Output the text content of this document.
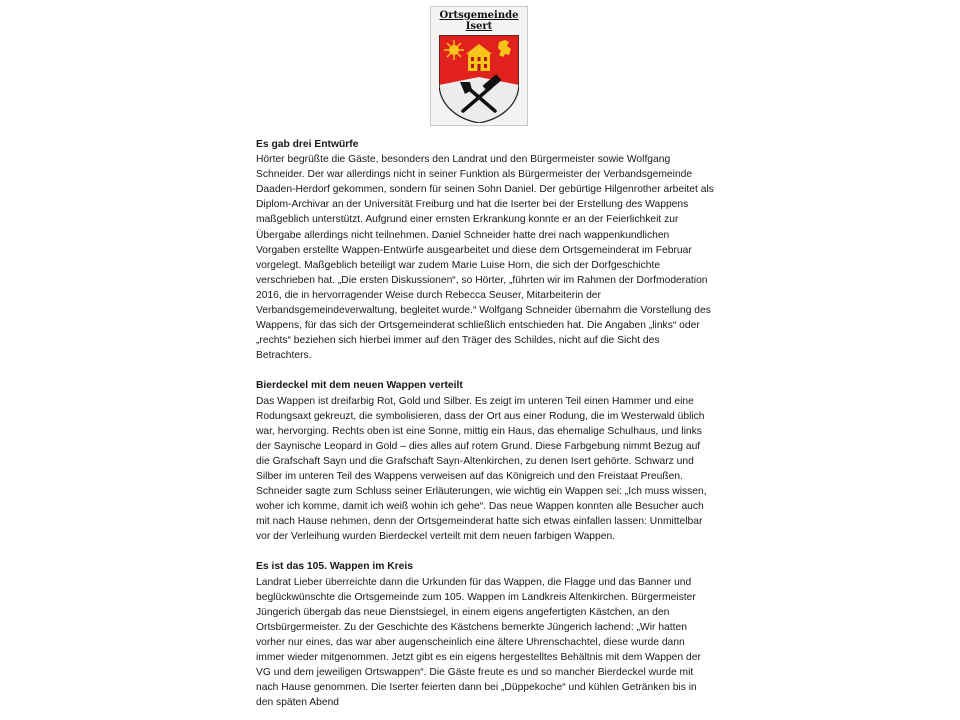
Ortsgemeinde
Isert
Es gab drei Entwürfe
Hörter begrüßte die Gäste, besonders den Landrat und den Bürgermeister sowie Wolfgang Schneider. Der war allerdings nicht in seiner Funktion als Bürgermeister der Verbandsgemeinde Daaden-Herdorf gekommen, sondern für seinen Sohn Daniel. Der gebürtige Hilgenrother arbeitet als Diplom-Archivar an der Universität Freiburg und hat die Iserter bei der Erstellung des Wappens maßgeblich unterstützt. Aufgrund einer ernsten Erkrankung konnte er an der Feierlichkeit zur Übergabe allerdings nicht teilnehmen. Daniel Schneider hatte drei nach wappenkundlichen Vorgaben erstellte Wappen-Entwürfe ausgearbeitet und diese dem Ortsgemeinderat im Februar vorgelegt. Maßgeblich beteiligt war zudem Marie Luise Horn, die sich der Dorfgeschichte verschrieben hat. „Die ersten Diskussionen“, so Hörter, „führten wir im Rahmen der Dorfmoderation 2016, die in hervorragender Weise durch Rebecca Seuser, Mitarbeiterin der Verbandsgemeindeverwaltung, begleitet wurde.“ Wolfgang Schneider übernahm die Vorstellung des Wappens, für das sich der Ortsgemeinderat schließlich entschieden hat. Die Angaben „links“ oder „rechts“ beziehen sich hierbei immer auf den Träger des Schildes, nicht auf die Sicht des Betrachters.
Bierdeckel mit dem neuen Wappen verteilt
Das Wappen ist dreifarbig Rot, Gold und Silber. Es zeigt im unteren Teil einen Hammer und eine Rodungsaxt gekreuzt, die symbolisieren, dass der Ort aus einer Rodung, die im Westerwald üblich war, hervorging. Rechts oben ist eine Sonne, mittig ein Haus, das ehemalige Schulhaus, und links der Saynische Leopard in Gold – dies alles auf rotem Grund. Diese Farbgebung nimmt Bezug auf die Grafschaft Sayn und die Grafschaft Sayn-Altenkirchen, zu denen Isert gehörte. Schwarz und Silber im unteren Teil des Wappens verweisen auf das Königreich und den Freistaat Preußen. Schneider sagte zum Schluss seiner Erläuterungen, wie wichtig ein Wappen sei: „Ich muss wissen, woher ich komme, damit ich weiß wohin ich gehe“. Das neue Wappen konnten alle Besucher auch mit nach Hause nehmen, denn der Ortsgemeinderat hatte sich etwas einfallen lassen: Unmittelbar vor der Verleihung wurden Bierdeckel verteilt mit dem neuen farbigen Wappen.
Es ist das 105. Wappen im Kreis
Landrat Lieber überreichte dann die Urkunden für das Wappen, die Flagge und das Banner und beglückwünschte die Ortsgemeinde zum 105. Wappen im Landkreis Altenkirchen. Bürgermeister Jüngerich übergab das neue Dienstsiegel, in einem eigens angefertigten Kästchen, an den Ortsbürgermeister. Zu der Geschichte des Kästchens bemerkte Jüngerich lachend: „Wir hatten vorher nur eines, das war aber augenscheinlich eine ältere Uhrenschachtel, diese wurde dann immer wieder mitgenommen. Jetzt gibt es ein eigens hergestelltes Behältnis mit dem Wappen der VG und dem jeweiligen Ortswappen“. Die Gäste freute es und so mancher Bierdeckel wurde mit nach Hause genommen. Die Iserter feierten dann bei „Düppekoche“ und kühlen Getränken bis in den späten Abend
